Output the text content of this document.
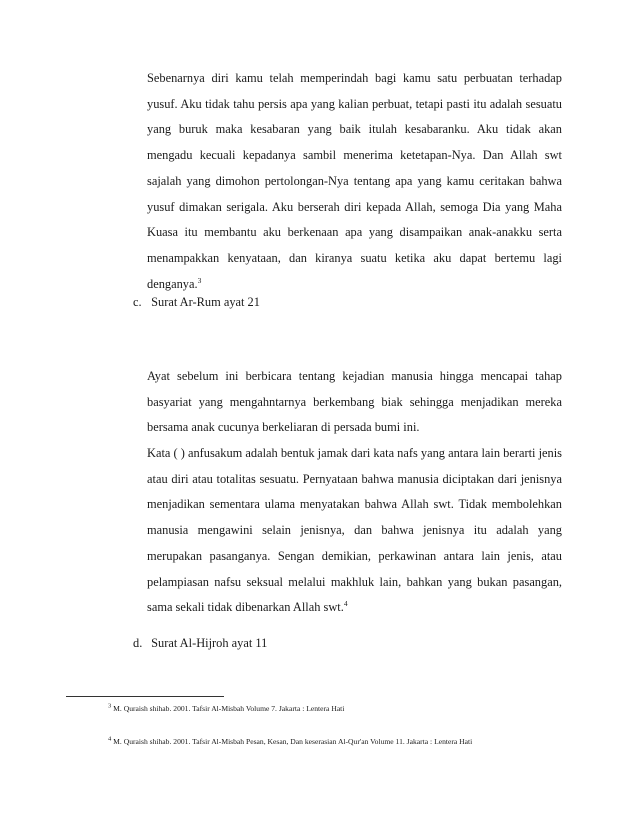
Sebenarnya diri kamu telah memperindah bagi kamu satu perbuatan terhadap yusuf. Aku tidak tahu persis apa yang kalian perbuat, tetapi pasti itu adalah sesuatu yang buruk maka kesabaran yang baik itulah kesabaranku. Aku tidak akan mengadu kecuali kepadanya sambil menerima ketetapan-Nya. Dan Allah swt sajalah yang dimohon pertolongan-Nya tentang apa yang kamu ceritakan bahwa yusuf dimakan serigala. Aku berserah diri kepada Allah, semoga Dia yang Maha Kuasa itu membantu aku berkenaan apa yang disampaikan anak-anakku serta menampakkan kenyataan, dan kiranya suatu ketika aku dapat bertemu lagi denganya.$^3$
c. Surat Ar-Rum ayat 21
Ayat sebelum ini berbicara tentang kejadian manusia hingga mencapai tahap basyariat yang mengahntarnya berkembang biak sehingga menjadikan mereka bersama anak cucunya berkeliaran di persada bumi ini.
Kata ( ) anfusakum adalah bentuk jamak dari kata nafs yang antara lain berarti jenis atau diri atau totalitas sesuatu. Pernyataan bahwa manusia diciptakan dari jenisnya menjadikan sementara ulama menyatakan bahwa Allah swt. Tidak membolehkan manusia mengawini selain jenisnya, dan bahwa jenisnya itu adalah yang merupakan pasanganya. Sengan demikian, perkawinan antara lain jenis, atau pelampiasan nafsu seksual melalui makhluk lain, bahkan yang bukan pasangan, sama sekali tidak dibenarkan Allah swt.$^4$
d. Surat Al-Hijroh ayat 11
$^3$ M. Quraish shihab. 2001. Tafsir Al-Misbah Volume 7. Jakarta : Lentera Hati
$^4$ M. Quraish shihab. 2001. Tafsir Al-Misbah Pesan, Kesan, Dan keserasian Al-Qur'an Volume 11. Jakarta : Lentera Hati
